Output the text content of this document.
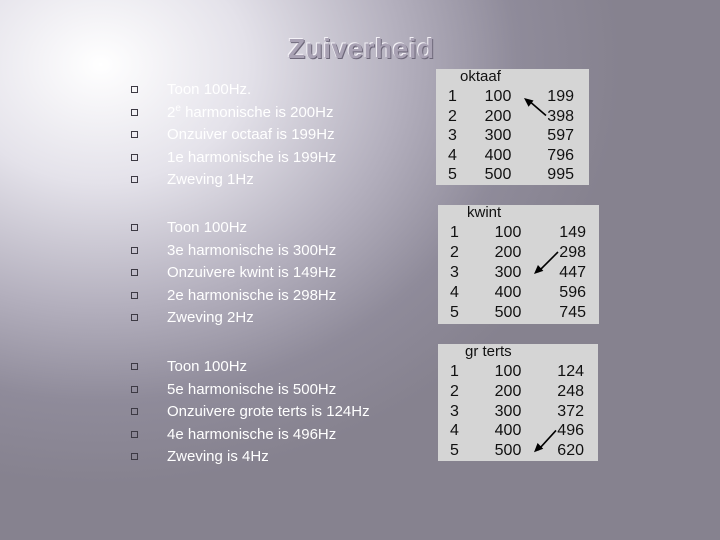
Zuiverheid
Toon 100Hz.
2e harmonische is 200Hz
Onzuiver octaaf is 199Hz
1e harmonische is 199Hz
Zweving 1Hz
Toon 100Hz
3e harmonische is 300Hz
Onzuivere kwint is 149Hz
2e harmonische is 298Hz
Zweving 2Hz
Toon 100Hz
5e harmonische is 500Hz
Onzuivere grote terts is 124Hz
4e harmonische is 496Hz
Zweving is 4Hz
oktaaf
1	100	199
2	200	398
3	300	597
4	400	796
5	500	995
kwint
1	100	149
2	200	298
3	300	447
4	400	596
5	500	745
gr terts
1	100	124
2	200	248
3	300	372
4	400	496
5	500	620
